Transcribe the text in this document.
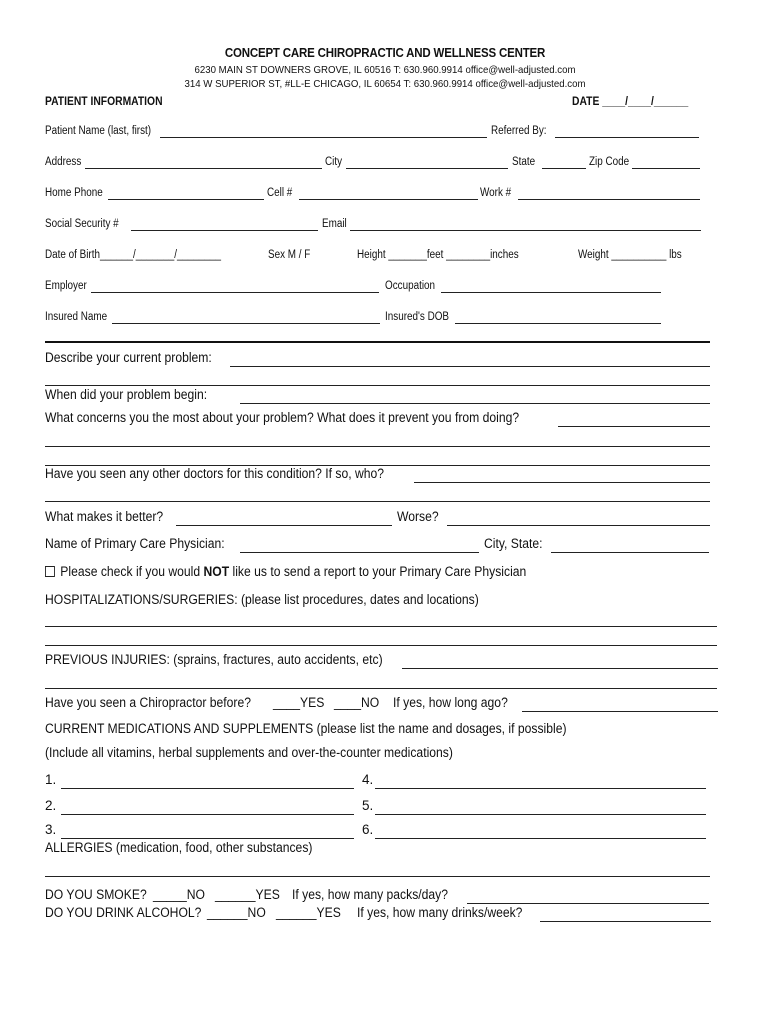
CONCEPT CARE CHIROPRACTIC AND WELLNESS CENTER
6230 MAIN ST DOWNERS GROVE, IL 60516 T: 630.960.9914 office@well-adjusted.com
314 W SUPERIOR ST, #LL-E CHICAGO, IL 60654 T: 630.960.9914 office@well-adjusted.com
PATIENT INFORMATION	DATE ____/____/______
Patient Name (last, first)	Referred By:
Address	City	State	Zip Code
Home Phone	Cell #	Work #
Social Security #	Email
Date of Birth______/_______/________	Sex M / F	Height _______feet ________inches	Weight __________ lbs
Employer	Occupation
Insured Name	Insured's DOB
Describe your current problem:
When did your problem begin:
What concerns you the most about your problem? What does it prevent you from doing?
Have you seen any other doctors for this condition? If so, who?
What makes it better?	Worse?
Name of Primary Care Physician:	City, State:
Please check if you would NOT like us to send a report to your Primary Care Physician
HOSPITALIZATIONS/SURGERIES: (please list procedures, dates and locations)
PREVIOUS INJURIES: (sprains, fractures, auto accidents, etc)
Have you seen a Chiropractor before? ____YES ____NO If yes, how long ago?
CURRENT MEDICATIONS AND SUPPLEMENTS (please list the name and dosages, if possible)
(Include all vitamins, herbal supplements and over-the-counter medications)
1.	4.
2.	5.
3.	6.
ALLERGIES (medication, food, other substances)
DO YOU SMOKE? _____NO ______YES If yes, how many packs/day?
DO YOU DRINK ALCOHOL? ______NO ______YES If yes, how many drinks/week?
